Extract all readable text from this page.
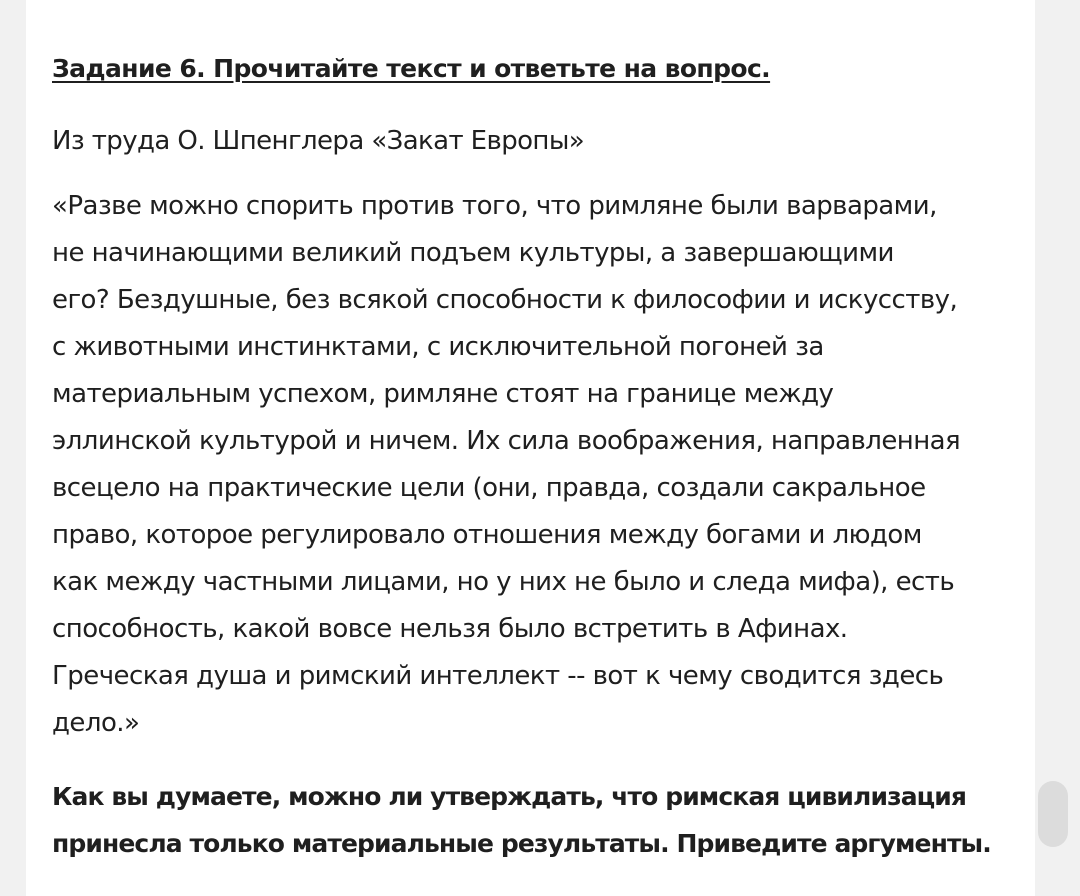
Задание 6. Прочитайте текст и ответьте на вопрос.

Из труда О. Шпенглера «Закат Европы»

«Разве можно спорить против того, что римляне были варварами,
не начинающими великий подъем культуры, а завершающими
его? Бездушные, без всякой способности к философии и искусству,
с животными инстинктами, с исключительной погоней за
материальным успехом, римляне стоят на границе между
эллинской культурой и ничем. Их сила воображения, направленная
всецело на практические цели (они, правда, создали сакральное
право, которое регулировало отношения между богами и людом
как между частными лицами, но у них не было и следа мифа), есть
способность, какой вовсе нельзя было встретить в Афинах.
Греческая душа и римский интеллект -- вот к чему сводится здесь
дело.»

Как вы думаете, можно ли утверждать, что римская цивилизация
принесла только материальные результаты. Приведите аргументы.
